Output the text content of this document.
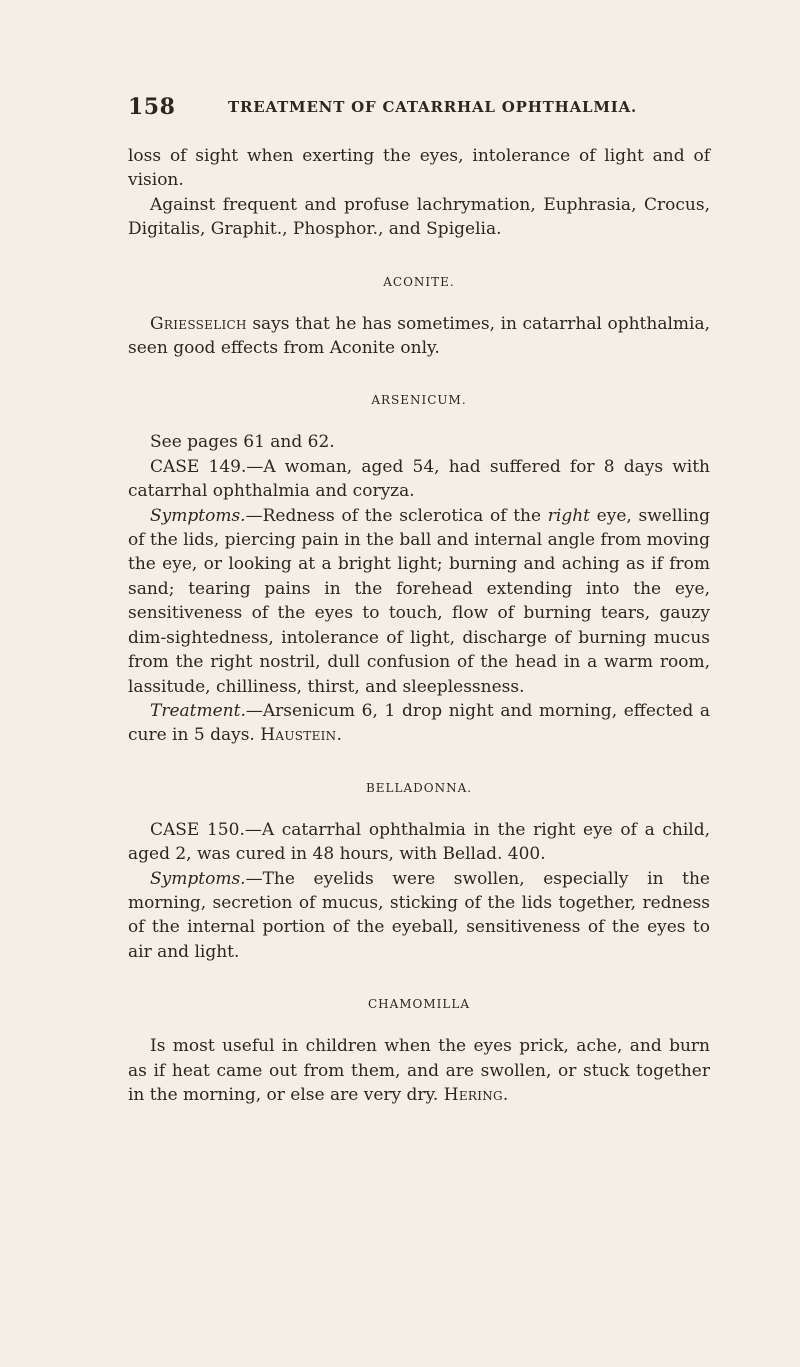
158	TREATMENT OF CATARRHAL OPHTHALMIA.

loss of sight when exerting the eyes, intolerance of light and of vision.

Against frequent and profuse lachrymation, Euphrasia, Crocus, Digitalis, Graphit., Phosphor., and Spigelia.

ACONITE.

Griesselich says that he has sometimes, in catarrhal ophthalmia, seen good effects from Aconite only.

ARSENICUM.

See pages 61 and 62.

CASE 149.—A woman, aged 54, had suffered for 8 days with catarrhal ophthalmia and coryza.

Symptoms.—Redness of the sclerotica of the right eye, swelling of the lids, piercing pain in the ball and internal angle from moving the eye, or looking at a bright light; burning and aching as if from sand; tearing pains in the forehead extending into the eye, sensitiveness of the eyes to touch, flow of burning tears, gauzy dim-sightedness, intolerance of light, discharge of burning mucus from the right nostril, dull confusion of the head in a warm room, lassitude, chilliness, thirst, and sleeplessness.

Treatment.—Arsenicum 6, 1 drop night and morning, effected a cure in 5 days. Haustein.

BELLADONNA.

CASE 150.—A catarrhal ophthalmia in the right eye of a child, aged 2, was cured in 48 hours, with Bellad. 400.

Symptoms.—The eyelids were swollen, especially in the morning, secretion of mucus, sticking of the lids together, redness of the internal portion of the eyeball, sensitiveness of the eyes to air and light.

CHAMOMILLA

Is most useful in children when the eyes prick, ache, and burn as if heat came out from them, and are swollen, or stuck together in the morning, or else are very dry. Hering.
